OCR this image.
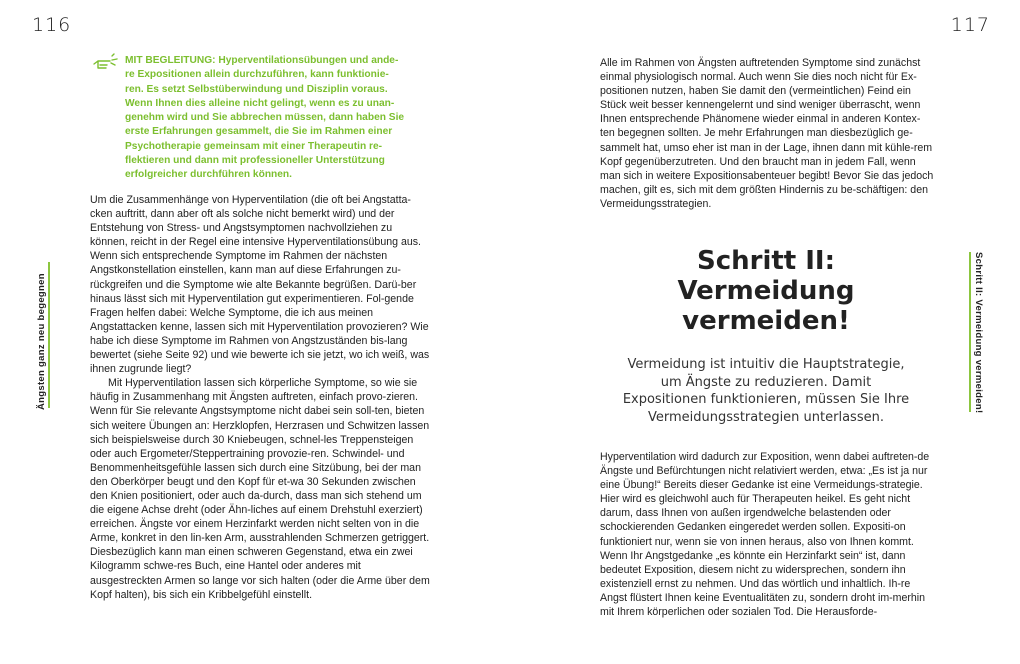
116	117
Ängsten ganz neu begegnen	Schritt II: Vermeidung vermeiden!

MIT BEGLEITUNG: Hyperventilationsübungen und ande-

re Expositionen allein durchzuführen, kann funktionie-

ren. Es setzt Selbstüberwindung und Disziplin voraus.

Wenn Ihnen dies alleine nicht gelingt, wenn es zu unan-

genehm wird und Sie abbrechen müssen, dann haben Sie

erste Erfahrungen gesammelt, die Sie im Rahmen einer

Psychotherapie gemeinsam mit einer Therapeutin re-

flektieren und dann mit professioneller Unterstützung

erfolgreicher durchführen können.

Um die Zusammenhänge von Hyperventilation (die oft bei Angstatta-cken auftritt, dann aber oft als solche nicht bemerkt wird) und der Entstehung von Stress- und Angstsymptomen nachvollziehen zu können, reicht in der Regel eine intensive Hyperventilationsübung aus. Wenn sich entsprechende Symptome im Rahmen der nächsten Angstkonstellation einstellen, kann man auf diese Erfahrungen zu-rückgreifen und die Symptome wie alte Bekannte begrüßen. Darü-ber hinaus lässt sich mit Hyperventilation gut experimentieren. Fol-gende Fragen helfen dabei: Welche Symptome, die ich aus meinen Angstattacken kenne, lassen sich mit Hyperventilation provozieren? Wie habe ich diese Symptome im Rahmen von Angstzuständen bis-lang bewertet (siehe Seite 92) und wie bewerte ich sie jetzt, wo ich weiß, was ihnen zugrunde liegt?

Mit Hyperventilation lassen sich körperliche Symptome, so wie sie häufig in Zusammenhang mit Ängsten auftreten, einfach provo-zieren. Wenn für Sie relevante Angstsymptome nicht dabei sein soll-ten, bieten sich weitere Übungen an: Herzklopfen, Herzrasen und Schwitzen lassen sich beispielsweise durch 30 Kniebeugen, schnel-les Treppensteigen oder auch Ergometer/Steppertraining provozie-ren. Schwindel- und Benommenheitsgefühle lassen sich durch eine Sitzübung, bei der man den Oberkörper beugt und den Kopf für et-wa 30 Sekunden zwischen den Knien positioniert, oder auch da-durch, dass man sich stehend um die eigene Achse dreht (oder Ähn-liches auf einem Drehstuhl exerziert) erreichen. Ängste vor einem Herzinfarkt werden nicht selten von in die Arme, konkret in den lin-ken Arm, ausstrahlenden Schmerzen getriggert. Diesbezüglich kann man einen schweren Gegenstand, etwa ein zwei Kilogramm schwe-res Buch, eine Hantel oder anderes mit ausgestreckten Armen so lange vor sich halten (oder die Arme über dem Kopf halten), bis sich ein Kribbelgefühl einstellt.

Alle im Rahmen von Ängsten auftretenden Symptome sind zunächst einmal physiologisch normal. Auch wenn Sie dies noch nicht für Ex-positionen nutzen, haben Sie damit den (vermeintlichen) Feind ein Stück weit besser kennengelernt und sind weniger überrascht, wenn Ihnen entsprechende Phänomene wieder einmal in anderen Kontex-ten begegnen sollten. Je mehr Erfahrungen man diesbezüglich ge-sammelt hat, umso eher ist man in der Lage, ihnen dann mit kühle-rem Kopf gegenüberzutreten. Und den braucht man in jedem Fall, wenn man sich in weitere Expositionsabenteuer begibt! Bevor Sie das jedoch machen, gilt es, sich mit dem größten Hindernis zu be-schäftigen: den Vermeidungsstrategien.

Schritt II:
Vermeidung
vermeiden!
Vermeidung ist intuitiv die Hauptstrategie,
um Ängste zu reduzieren. Damit
Expositionen funktionieren, müssen Sie Ihre
Vermeidungsstrategien unterlassen.

Hyperventilation wird dadurch zur Exposition, wenn dabei auftreten-de Ängste und Befürchtungen nicht relativiert werden, etwa: „Es ist ja nur eine Übung!“ Bereits dieser Gedanke ist eine Vermeidungs-strategie. Hier wird es gleichwohl auch für Therapeuten heikel. Es geht nicht darum, dass Ihnen von außen irgendwelche belastenden oder schockierenden Gedanken eingeredet werden sollen. Expositi-on funktioniert nur, wenn sie von innen heraus, also von Ihnen kommt. Wenn Ihr Angstgedanke „es könnte ein Herzinfarkt sein“ ist, dann bedeutet Exposition, diesem nicht zu widersprechen, sondern ihn existenziell ernst zu nehmen. Und das wörtlich und inhaltlich. Ih-re Angst flüstert Ihnen keine Eventualitäten zu, sondern droht im-merhin mit Ihrem körperlichen oder sozialen Tod. Die Herausforde-
